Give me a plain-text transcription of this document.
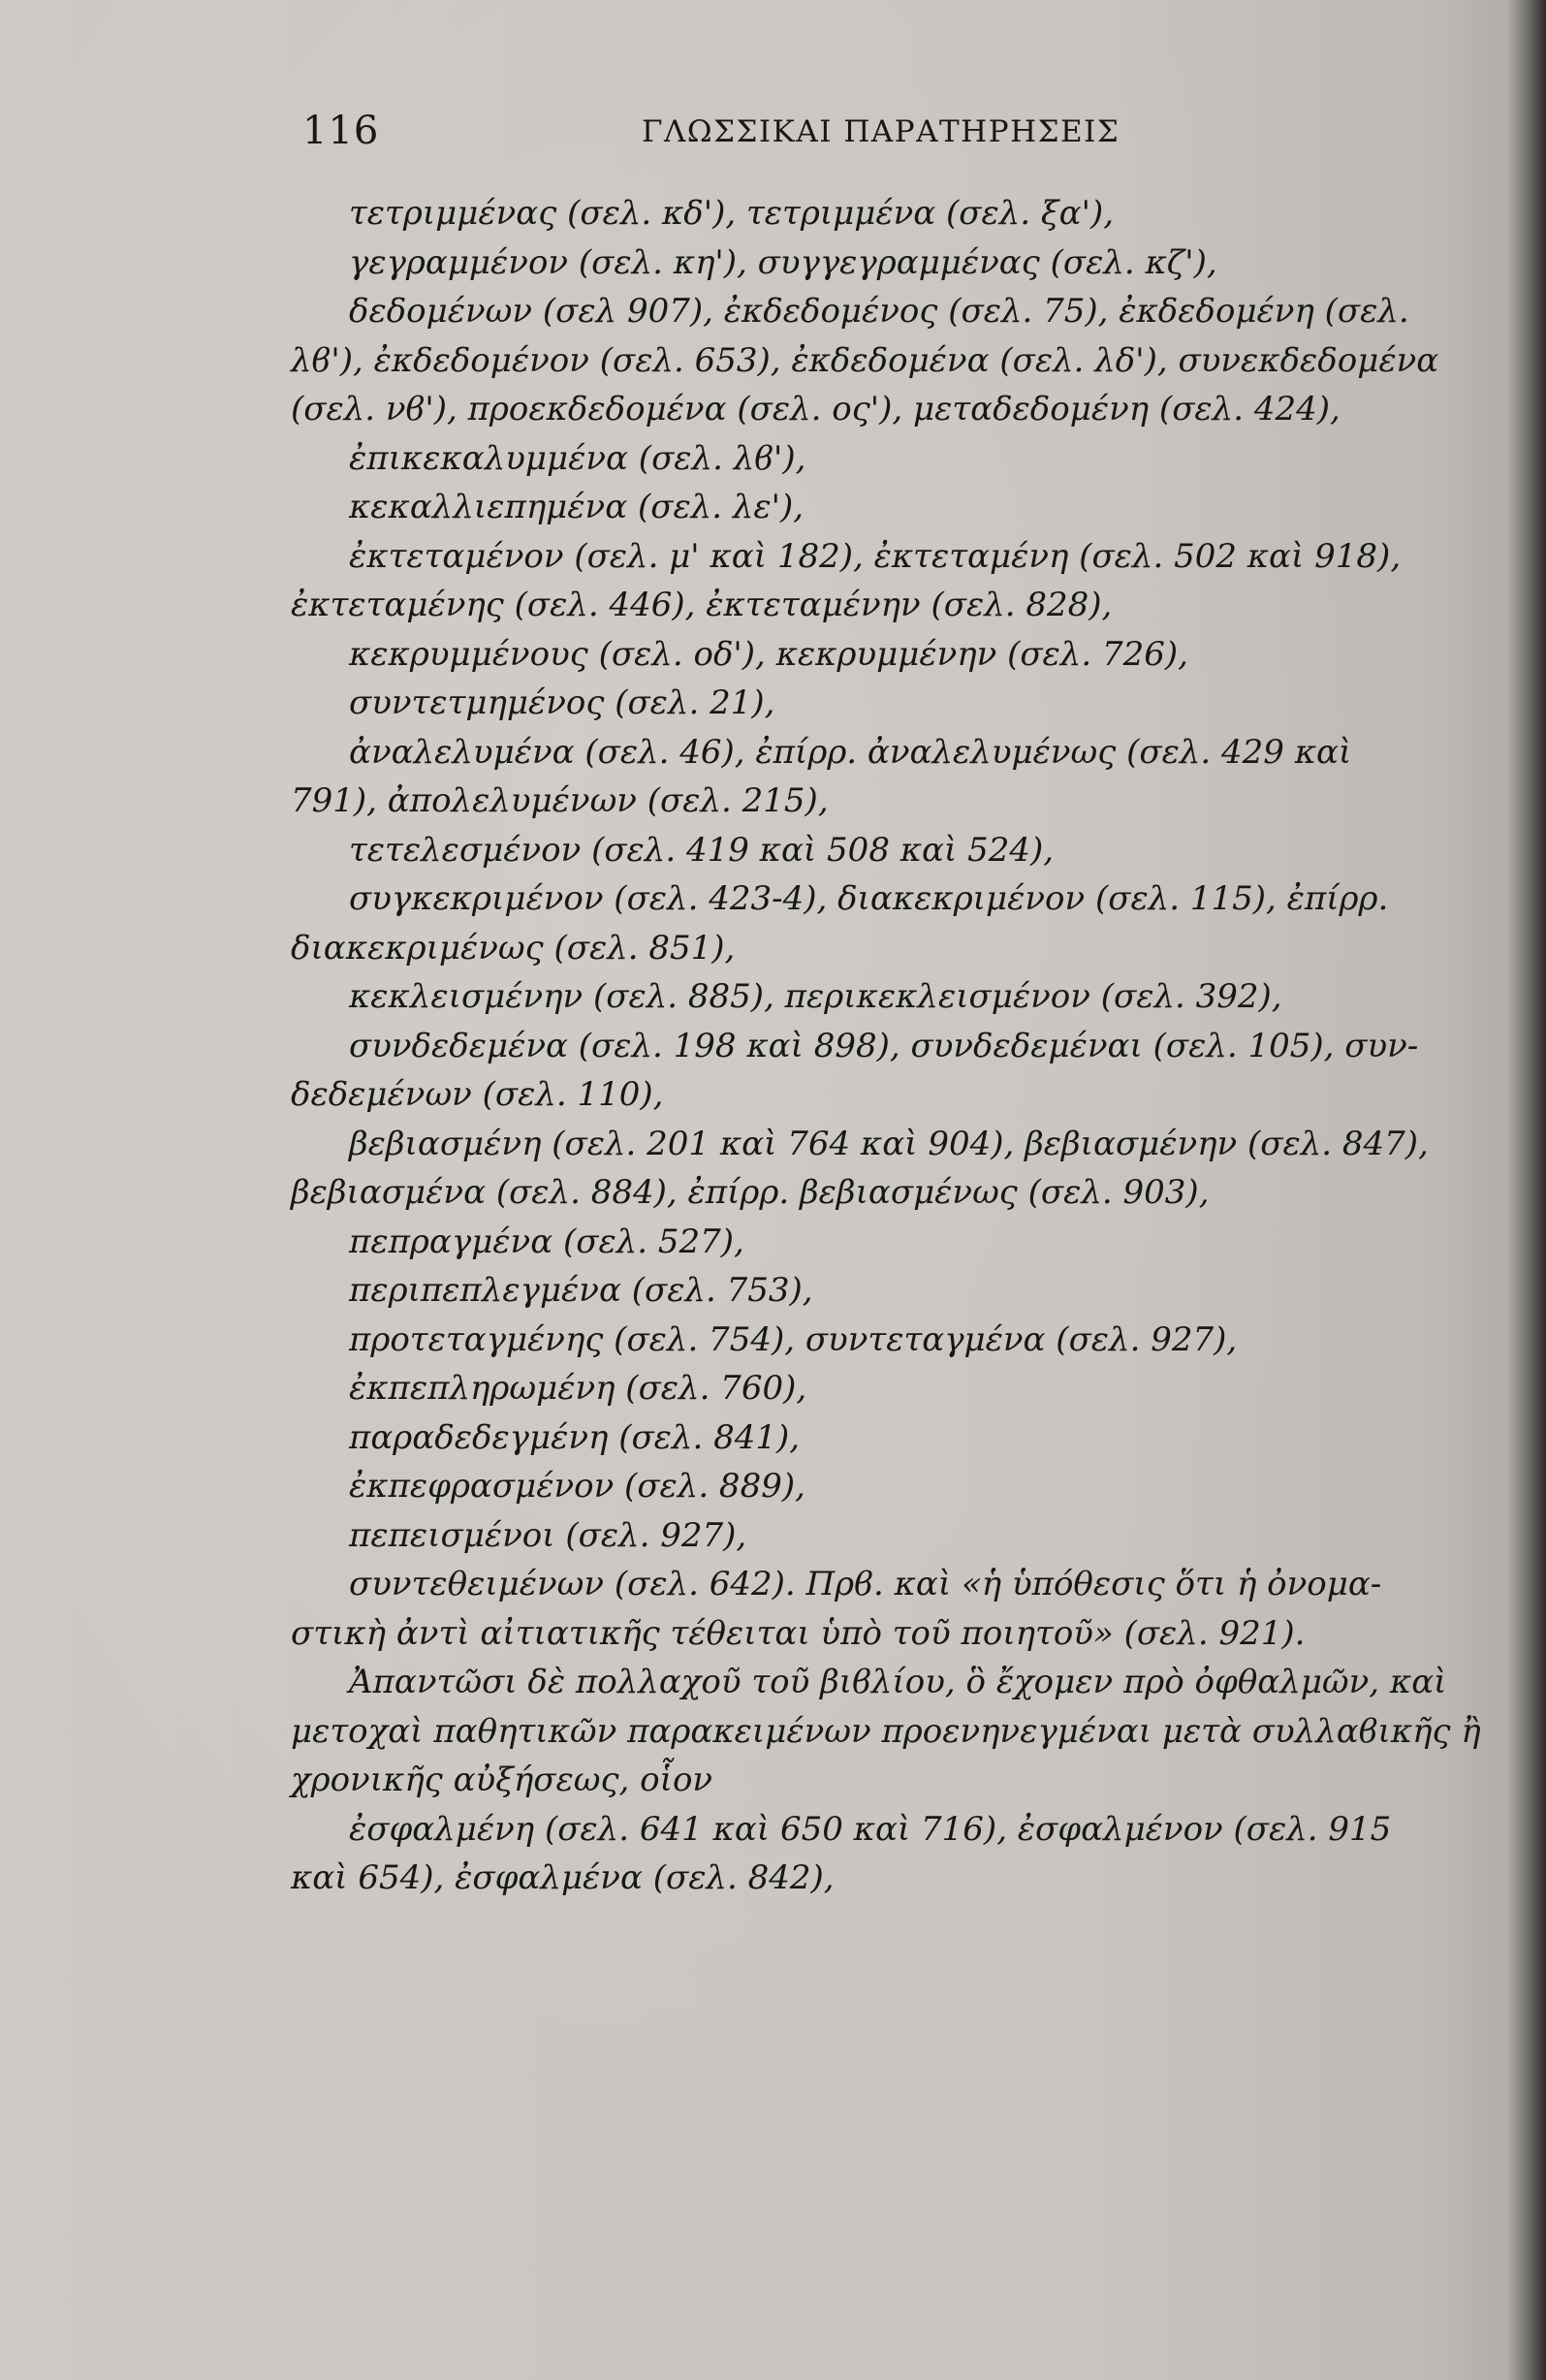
116	ΓΛΩΣΣΙΚΑΙ ΠΑΡΑΤΗΡΗΣΕΙΣ
τετριμμένας (σελ. κδ'), τετριμμένα (σελ. ξα'),
γεγραμμένον (σελ. κη'), συγγεγραμμένας (σελ. κζ'),
δεδομένων (σελ 907), ἐκδεδομένος (σελ. 75), ἐκδεδομένη (σελ.
λϐ'), ἐκδεδομένον (σελ. 653), ἐκδεδομένα (σελ. λδ'), συνεκδεδομένα
(σελ. νϐ'), προεκδεδομένα (σελ. ος'), μεταδεδομένη (σελ. 424),
ἐπικεκαλυμμένα (σελ. λϐ'),
κεκαλλιεπημένα (σελ. λε'),
ἐκτεταμένον (σελ. μ' καὶ 182), ἐκτεταμένη (σελ. 502 καὶ 918),
ἐκτεταμένης (σελ. 446), ἐκτεταμένην (σελ. 828),
κεκρυμμένους (σελ. οδ'), κεκρυμμένην (σελ. 726),
συντετμημένος (σελ. 21),
ἀναλελυμένα (σελ. 46), ἐπίρρ. ἀναλελυμένως (σελ. 429 καὶ
791), ἀπολελυμένων (σελ. 215),
τετελεσμένον (σελ. 419 καὶ 508 καὶ 524),
συγκεκριμένον (σελ. 423-4), διακεκριμένον (σελ. 115), ἐπίρρ.
διακεκριμένως (σελ. 851),
κεκλεισμένην (σελ. 885), περικεκλεισμένον (σελ. 392),
συνδεδεμένα (σελ. 198 καὶ 898), συνδεδεμέναι (σελ. 105), συν-
δεδεμένων (σελ. 110),
βεβιασμένη (σελ. 201 καὶ 764 καὶ 904), βεβιασμένην (σελ. 847),
βεβιασμένα (σελ. 884), ἐπίρρ. βεβιασμένως (σελ. 903),
πεπραγμένα (σελ. 527),
περιπεπλεγμένα (σελ. 753),
προτεταγμένης (σελ. 754), συντεταγμένα (σελ. 927),
ἐκπεπληρωμένη (σελ. 760),
παραδεδεγμένη (σελ. 841),
ἐκπεφρασμένον (σελ. 889),
πεπεισμένοι (σελ. 927),
συντεθειμένων (σελ. 642). Πρϐ. καὶ «ἡ ὑπόθεσις ὅτι ἡ ὀνομα-
στικὴ ἀντὶ αἰτιατικῆς τέθειται ὑπὸ τοῦ ποιητοῦ» (σελ. 921).
Ἀπαντῶσι δὲ πολλαχοῦ τοῦ βιϐλίου, ὃ ἔχομεν πρὸ ὀφθαλμῶν, καὶ
μετοχαὶ παθητικῶν παρακειμένων προενηνεγμέναι μετὰ συλλαϐικῆς ἢ
χρονικῆς αὐξήσεως, οἷον
ἐσφαλμένη (σελ. 641 καὶ 650 καὶ 716), ἐσφαλμένον (σελ. 915
καὶ 654), ἐσφαλμένα (σελ. 842),
